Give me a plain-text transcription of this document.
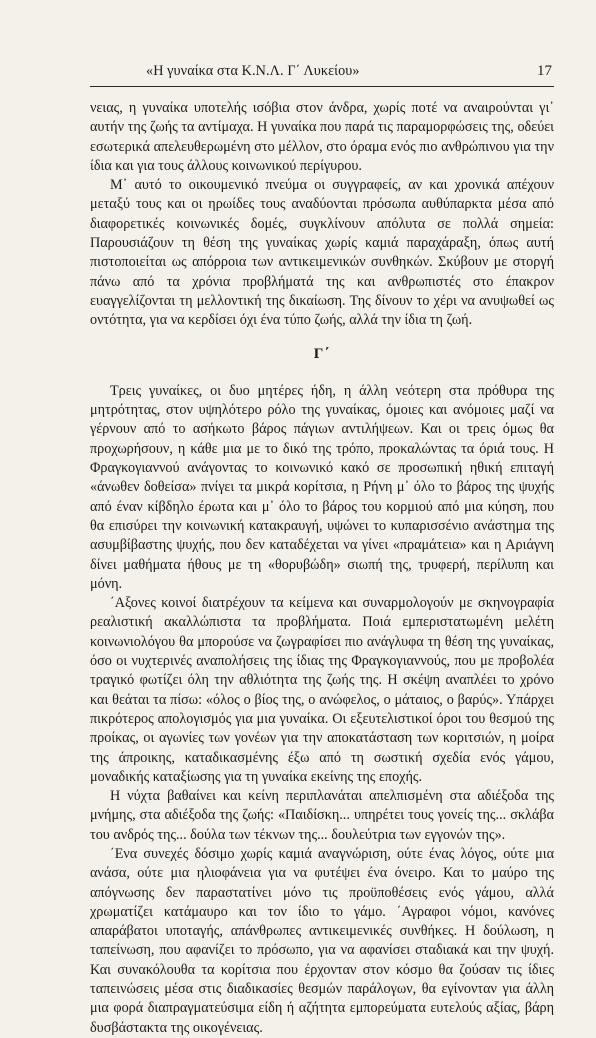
«Η γυναίκα στα Κ.Ν.Λ. Γ΄ Λυκείου»	17

νειας, η γυναίκα υποτελής ισόβια στον άνδρα, χωρίς ποτέ να αναιρούνται γι᾽ αυτήν της ζωής τα αντίμαχα. Η γυναίκα που παρά τις παραμορφώσεις της, οδεύει εσωτερικά απελευθερωμένη στο μέλλον, στο όραμα ενός πιο ανθρώπινου για την ίδια και για τους άλλους κοινωνικού περίγυρου.

Μ᾽ αυτό το οικουμενικό πνεύμα οι συγγραφείς, αν και χρονικά απέχουν μεταξύ τους και οι ηρωίδες τους αναδύονται πρόσωπα αυθύπαρκτα μέσα από διαφορετικές κοινωνικές δομές, συγκλίνουν απόλυτα σε πολλά σημεία: Παρουσιάζουν τη θέση της γυναίκας χωρίς καμιά παραχάραξη, όπως αυτή πιστοποιείται ως απόρροια των αντικειμενικών συνθηκών. Σκύβουν με στοργή πάνω από τα χρόνια προβλήματά της και ανθρωπιστές στο έπακρον ευαγγελίζονται τη μελλοντική της δικαίωση. Της δίνουν το χέρι να ανυψωθεί ως οντότητα, για να κερδίσει όχι ένα τύπο ζωής, αλλά την ίδια τη ζωή.

Γ΄

Τρεις γυναίκες, οι δυο μητέρες ήδη, η άλλη νεότερη στα πρόθυρα της μητρότητας, στον υψηλότερο ρόλο της γυναίκας, όμοιες και ανόμοιες μαζί να γέρνουν από το ασήκωτο βάρος πάγιων αντιλήψεων. Και οι τρεις όμως θα προχωρήσουν, η κάθε μια με το δικό της τρόπο, προκαλώντας τα όριά τους. Η Φραγκογιαννού ανάγοντας το κοινωνικό κακό σε προσωπική ηθική επιταγή «άνωθεν δοθείσα» πνίγει τα μικρά κορίτσια, η Ρήνη μ᾽ όλο το βάρος της ψυχής από έναν κίβδηλο έρωτα και μ᾽ όλο το βάρος του κορμιού από μια κύηση, που θα επισύρει την κοινωνική κατακραυγή, υψώνει το κυπαρισσένιο ανάστημα της ασυμβίβαστης ψυχής, που δεν καταδέχεται να γίνει «πραμάτεια» και η Αριάγνη δίνει μαθήματα ήθους με τη «θορυβώδη» σιωπή της, τρυφερή, περίλυπη και μόνη.

΄Αξονες κοινοί διατρέχουν τα κείμενα και συναρμολογούν με σκηνογραφία ρεαλιστική ακαλλώπιστα τα προβλήματα. Ποιά εμπεριστατωμένη μελέτη κοινωνιολόγου θα μπορούσε να ζωγραφίσει πιο ανάγλυφα τη θέση της γυναίκας, όσο οι νυχτερινές αναπολήσεις της ίδιας της Φραγκογιαννούς, που με προβολέα τραγικό φωτίζει όλη την αθλιότητα της ζωής της. Η σκέψη αναπλέει το χρόνο και θεάται τα πίσω: «όλος ο βίος της, ο ανώφελος, ο μάταιος, ο βαρύς». Υπάρχει πικρότερος απολογισμός για μια γυναίκα. Οι εξευτελιστικοί όροι του θεσμού της προίκας, οι αγωνίες των γονέων για την αποκατάσταση των κοριτσιών, η μοίρα της άπροικης, καταδικασμένης έξω από τη σωστική σχεδία ενός γάμου, μοναδικής καταξίωσης για τη γυναίκα εκείνης της εποχής.

Η νύχτα βαθαίνει και κείνη περιπλανάται απελπισμένη στα αδιέξοδα της μνήμης, στα αδιέξοδα της ζωής: «Παιδίσκη... υπηρέτει τους γονείς της... σκλάβα του ανδρός της... δούλα των τέκνων της... δουλεύτρια των εγγονών της».

΄Ενα συνεχές δόσιμο χωρίς καμιά αναγνώριση, ούτε ένας λόγος, ούτε μια ανάσα, ούτε μια ηλιοφάνεια για να φυτέψει ένα όνειρο. Και το μαύρο της απόγνωσης δεν παραστατίνει μόνο τις προϋποθέσεις ενός γάμου, αλλά χρωματίζει κατάμαυρο και τον ίδιο το γάμο. ΄Αγραφοι νόμοι, κανόνες απαράβατοι υποταγής, απάνθρωπες αντικειμενικές συνθήκες. Η δούλωση, η ταπείνωση, που αφανίζει το πρόσωπο, για να αφανίσει σταδιακά και την ψυχή. Και συνακόλουθα τα κορίτσια που έρχονταν στον κόσμο θα ζούσαν τις ίδιες ταπεινώσεις μέσα στις διαδικασίες θεσμών παράλογων, θα εγίνονταν για άλλη μια φορά διαπραγματεύσιμα είδη ή αζήτητα εμπορεύματα ευτελούς αξίας, βάρη δυσβάστακτα της οικογένειας.
